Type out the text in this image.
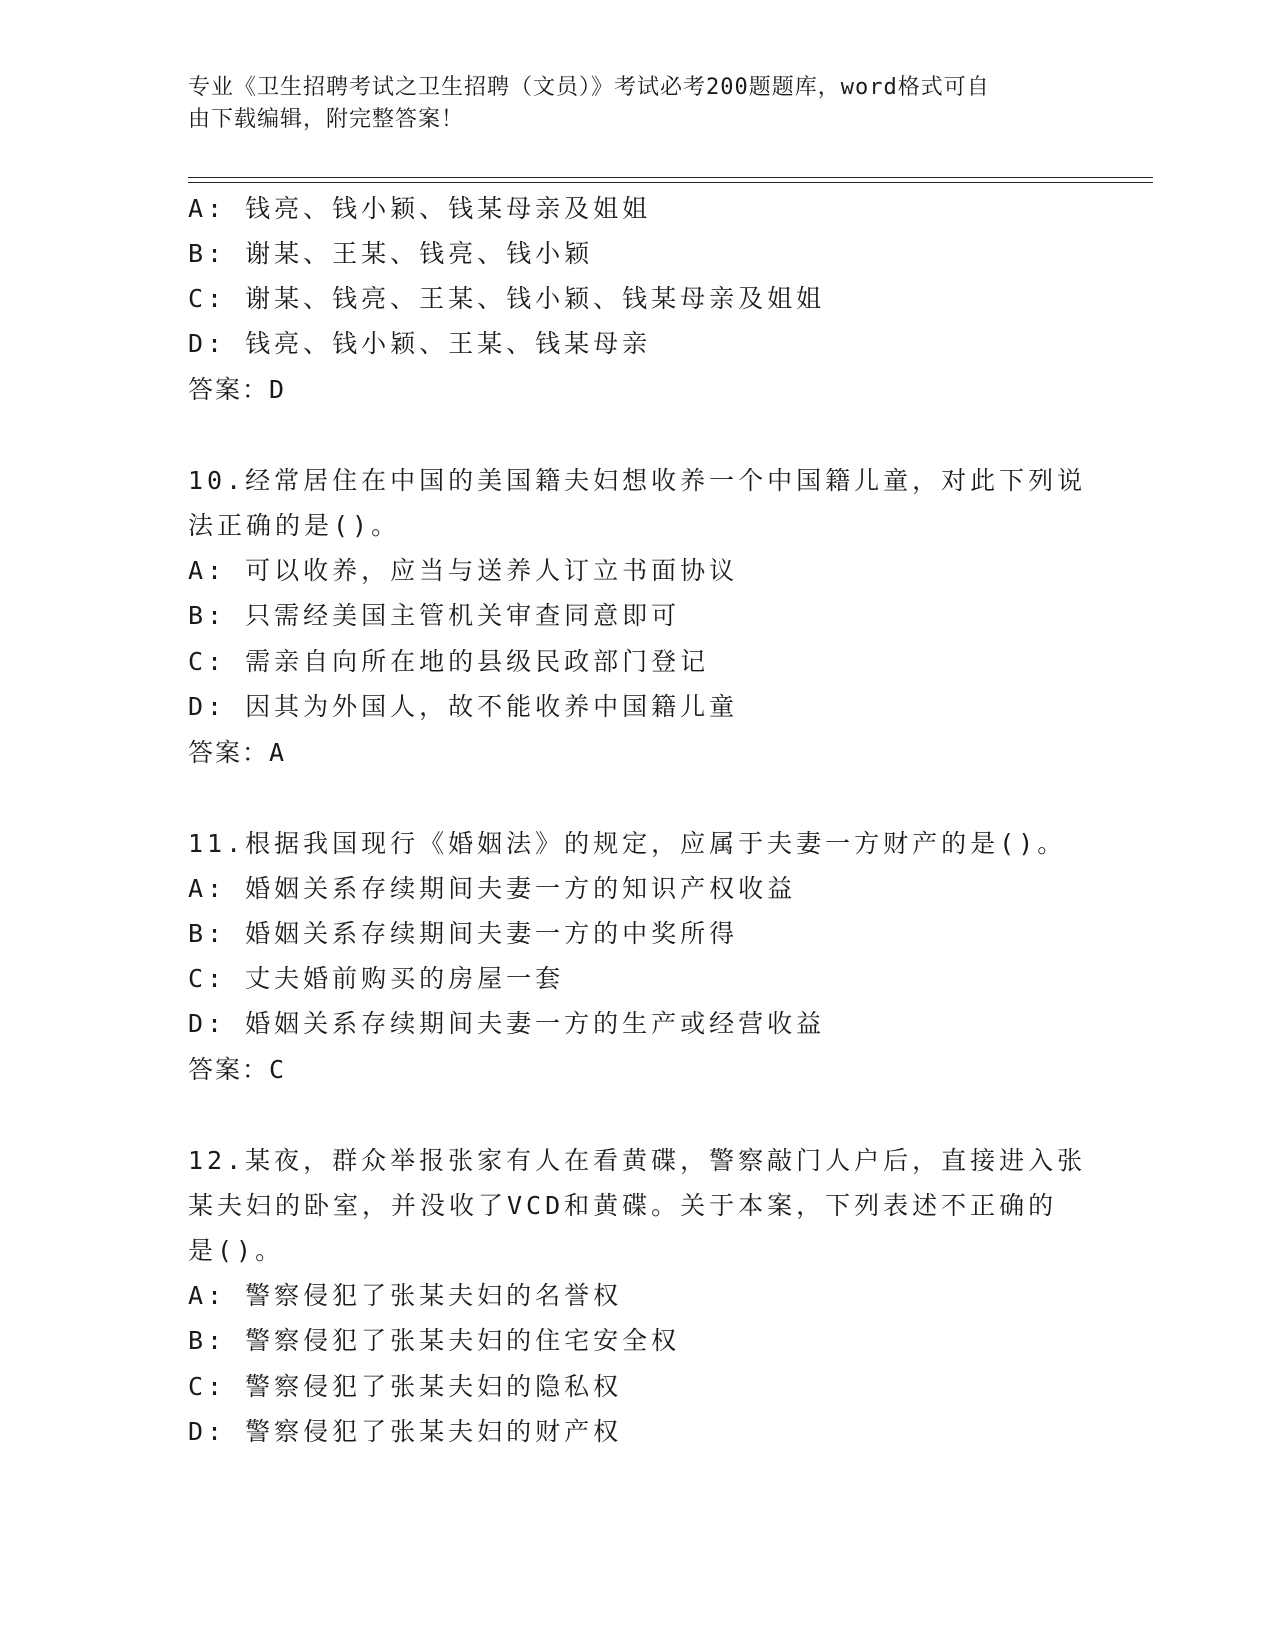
专业《卫生招聘考试之卫生招聘（文员）》考试必考200题题库，word格式可自
由下载编辑，附完整答案！
A: 钱亮、钱小颖、钱某母亲及姐姐
B: 谢某、王某、钱亮、钱小颖
C: 谢某、钱亮、王某、钱小颖、钱某母亲及姐姐
D: 钱亮、钱小颖、王某、钱某母亲
答案：D
10.经常居住在中国的美国籍夫妇想收养一个中国籍儿童，对此下列说
法正确的是()。
A: 可以收养，应当与送养人订立书面协议
B: 只需经美国主管机关审查同意即可
C: 需亲自向所在地的县级民政部门登记
D: 因其为外国人，故不能收养中国籍儿童
答案：A
11.根据我国现行《婚姻法》的规定，应属于夫妻一方财产的是()。
A: 婚姻关系存续期间夫妻一方的知识产权收益
B: 婚姻关系存续期间夫妻一方的中奖所得
C: 丈夫婚前购买的房屋一套
D: 婚姻关系存续期间夫妻一方的生产或经营收益
答案：C
12.某夜，群众举报张家有人在看黄碟，警察敲门人户后，直接进入张
某夫妇的卧室，并没收了VCD和黄碟。关于本案，下列表述不正确的
是()。
A: 警察侵犯了张某夫妇的名誉权
B: 警察侵犯了张某夫妇的住宅安全权
C: 警察侵犯了张某夫妇的隐私权
D: 警察侵犯了张某夫妇的财产权
